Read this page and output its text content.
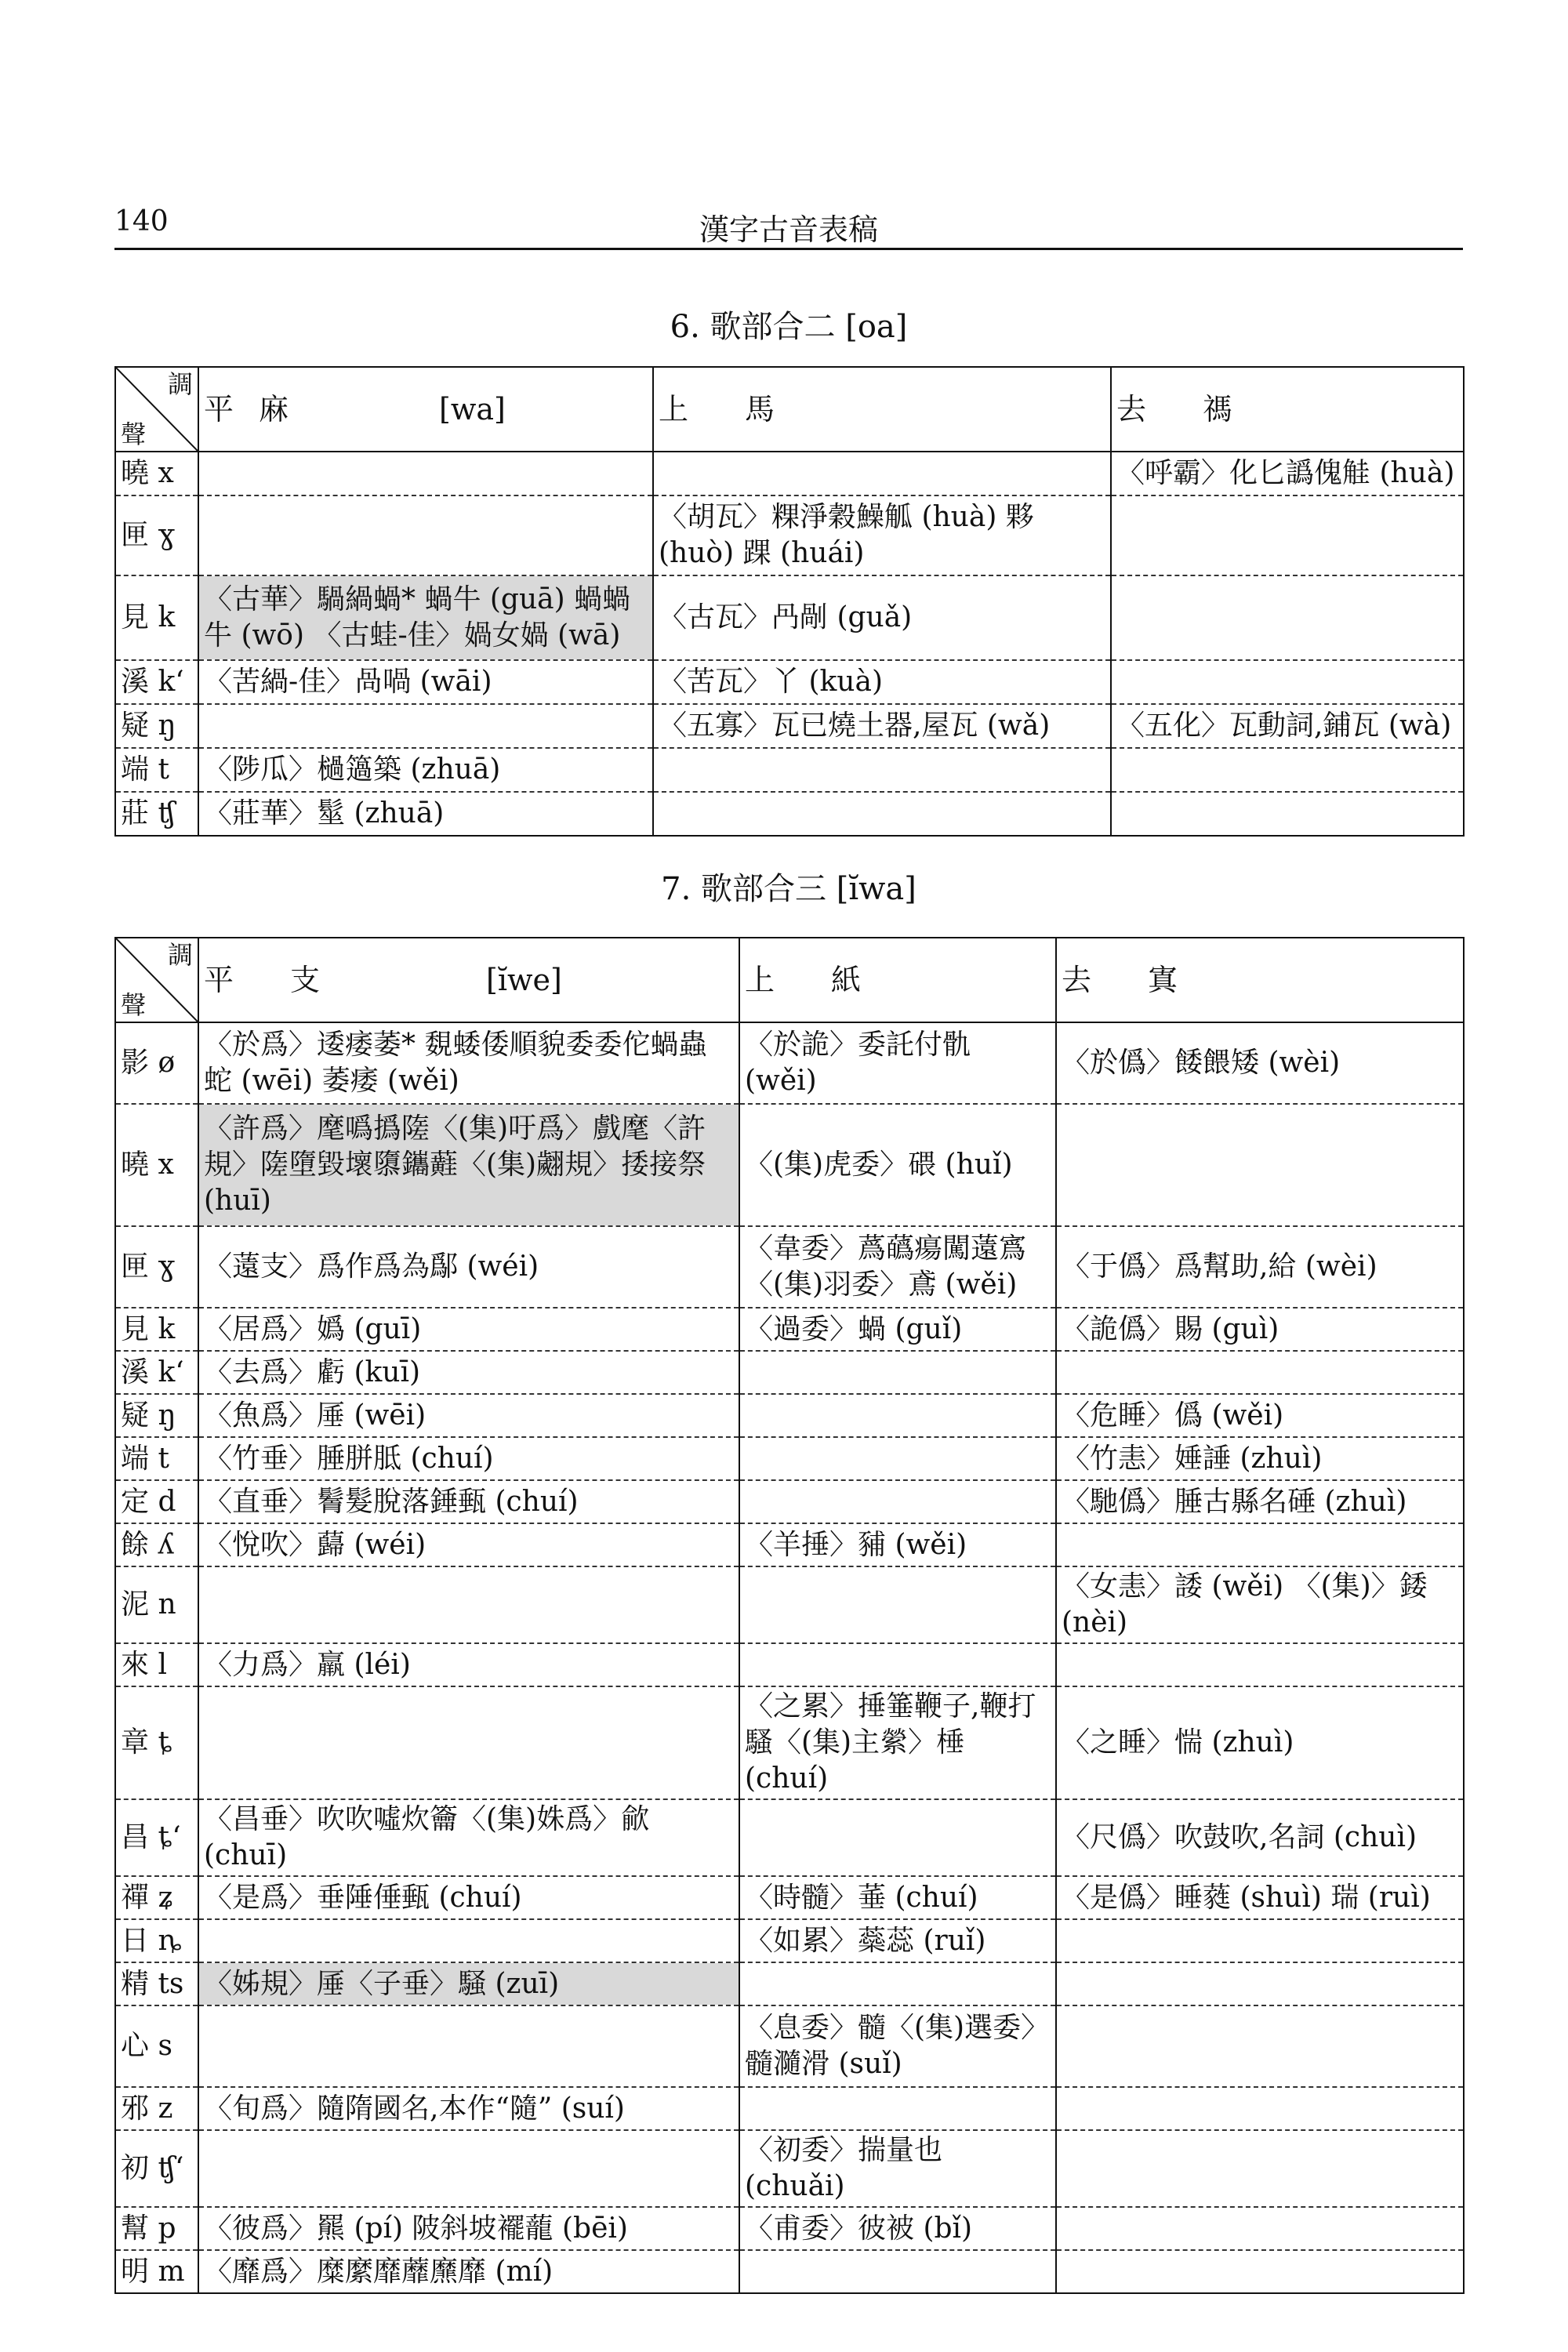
140	漢字古音表稿
6. 歌部合二 [oa]
調
聲	平 麻 [wa]	上 馬	去 禡

曉 x			〈呼霸〉化匕譌傀觟 (huà)
匣 ɣ		〈胡瓦〉粿淨穀鱢觚 (huà) 夥 (huò) 踝 (huái)	
見 k	〈古華〉騧緺蝸* 蝸牛 (guā) 蝸蝸牛 (wō) 〈古蛙-佳〉媧女媧 (wā)	〈古瓦〉冎剮 (guǎ)	
溪 kʻ	〈苦緺-佳〉咼喎 (wāi)	〈苦瓦〉丫 (kuà)	
疑 ŋ		〈五寡〉瓦已燒土器,屋瓦 (wǎ)	〈五化〉瓦動詞,鋪瓦 (wà)
端 t	〈陟瓜〉檛簻築 (zhuā)		
莊 ʧ	〈莊華〉髽 (zhuā)		
7. 歌部合三 [ĭwa]
調
聲	平 支 [ĭwe]	上 紙	去 寘

影 ø	〈於爲〉逶痿萎* 覣蜲倭順貌委委佗蝸蟲蛇 (wēi) 萎痿 (wěi)	〈於詭〉委託付骩 (wěi)	〈於僞〉餧餵矮 (wèi)
曉 x	〈許爲〉麾噅撝隓〈(集)吁爲〉戲麾〈許規〉隓墮毀壞隳鑴蘳〈(集)翽規〉捼接祭 (huī)	〈(集)虎委〉碨 (huǐ)	
匣 ɣ	〈薳支〉爲作爲為鄬 (wéi)	〈韋委〉蔿蘤瘍闖薳寪 〈(集)羽委〉鳶 (wěi)	〈于僞〉爲幫助,給 (wèi)
見 k	〈居爲〉嬀 (guī)	〈過委〉蝸 (guǐ)	〈詭僞〉賜 (guì)
溪 kʻ	〈去爲〉虧 (kuī)		
疑 ŋ	〈魚爲〉厜 (wēi)		〈危睡〉僞 (wěi)
端 t	〈竹垂〉腄胼胝 (chuí)		〈竹恚〉娷諈 (zhuì)
定 d	〈直垂〉鬌髮脫落錘甀 (chuí)		〈馳僞〉腄古縣名硾 (zhuì)
餘 ʎ	〈悅吹〉蘬 (wéi)	〈羊捶〉豧 (wěi)	
泥 n			〈女恚〉諉 (wěi) 〈(集)〉錗 (nèi)
來 l	〈力爲〉羸 (léi)		
章 ȶ		〈之累〉捶箠鞭子,鞭打騷〈(集)主縈〉棰 (chuí)	〈之睡〉惴 (zhuì)
昌 ȶʻ	〈昌垂〉吹吹噓炊籥〈(集)姝爲〉歈 (chuī)		〈尺僞〉吹鼓吹,名詞 (chuì)
禪 ʑ	〈是爲〉垂陲倕甀 (chuí)	〈時髓〉菙 (chuí)	〈是僞〉睡蕤 (shuì) 瑞 (ruì)
日 ȵ		〈如累〉蘂蕊 (ruǐ)	
精 ts	〈姊規〉厜〈子垂〉騒 (zuī)		
心 s		〈息委〉髓〈(集)選委〉髓瀡滑 (suǐ)	
邪 z	〈旬爲〉隨隋國名,本作“隨” (suí)		
初 ʧʻ		〈初委〉揣量也 (chuǎi)	
幫 p	〈彼爲〉羆 (pí) 陂斜坡襬蘢 (bēi)	〈甫委〉彼被 (bǐ)	
明 m	〈靡爲〉糜縻靡蘼爢靡 (mí)		
